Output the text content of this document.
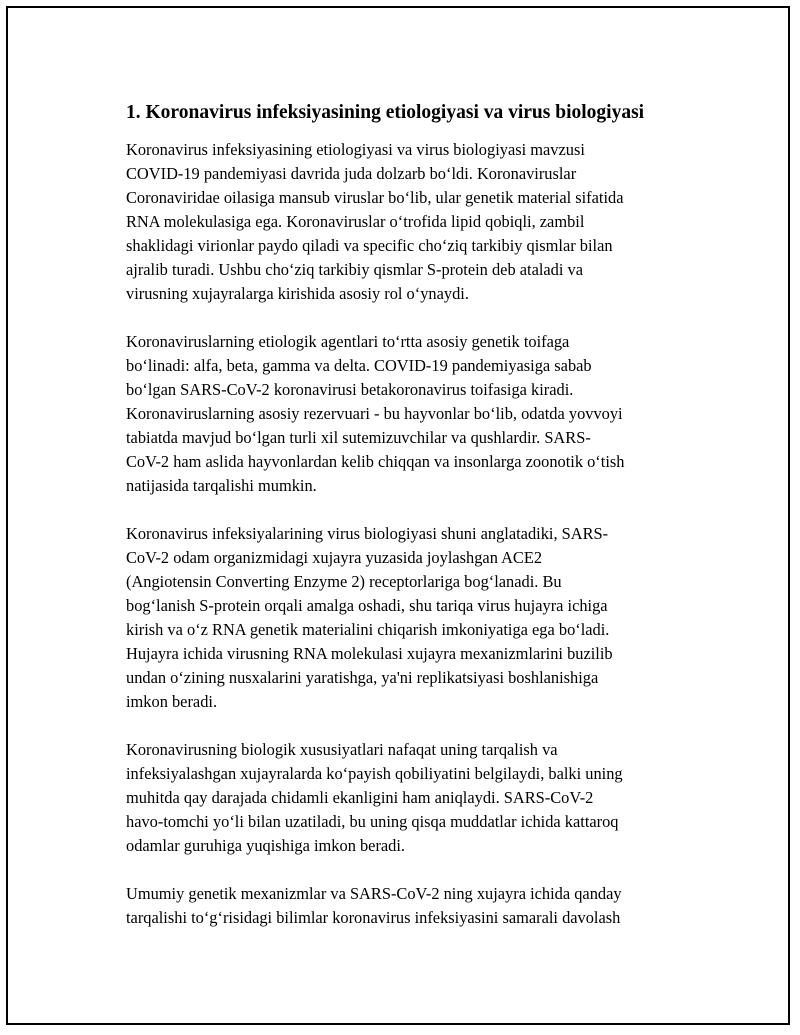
1. Koronavirus infeksiyasining etiologiyasi va virus biologiyasi

Koronavirus infeksiyasining etiologiyasi va virus biologiyasi mavzusi
COVID-19 pandemiyasi davrida juda dolzarb bo‘ldi. Koronaviruslar
Coronaviridae oilasiga mansub viruslar bo‘lib, ular genetik material sifatida
RNA molekulasiga ega. Koronaviruslar o‘trofida lipid qobiqli, zambil
shaklidagi virionlar paydo qiladi va specific cho‘ziq tarkibiy qismlar bilan
ajralib turadi. Ushbu cho‘ziq tarkibiy qismlar S-protein deb ataladi va
virusning xujayralarga kirishida asosiy rol o‘ynaydi.

Koronaviruslarning etiologik agentlari to‘rtta asosiy genetik toifaga
bo‘linadi: alfa, beta, gamma va delta. COVID-19 pandemiyasiga sabab
bo‘lgan SARS-CoV-2 koronavirusi betakoronavirus toifasiga kiradi.
Koronaviruslarning asosiy rezervuari - bu hayvonlar bo‘lib, odatda yovvoyi
tabiatda mavjud bo‘lgan turli xil sutemizuvchilar va qushlardir. SARS-
CoV-2 ham aslida hayvonlardan kelib chiqqan va insonlarga zoonotik o‘tish
natijasida tarqalishi mumkin.

Koronavirus infeksiyalarining virus biologiyasi shuni anglatadiki, SARS-
CoV-2 odam organizmidagi xujayra yuzasida joylashgan ACE2
(Angiotensin Converting Enzyme 2) receptorlariga bog‘lanadi. Bu
bog‘lanish S-protein orqali amalga oshadi, shu tariqa virus hujayra ichiga
kirish va o‘z RNA genetik materialini chiqarish imkoniyatiga ega bo‘ladi.
Hujayra ichida virusning RNA molekulasi xujayra mexanizmlarini buzilib
undan o‘zining nusxalarini yaratishga, ya'ni replikatsiyasi boshlanishiga
imkon beradi.

Koronavirusning biologik xususiyatlari nafaqat uning tarqalish va
infeksiyalashgan xujayralarda ko‘payish qobiliyatini belgilaydi, balki uning
muhitda qay darajada chidamli ekanligini ham aniqlaydi. SARS-CoV-2
havo-tomchi yo‘li bilan uzatiladi, bu uning qisqa muddatlar ichida kattaroq
odamlar guruhiga yuqishiga imkon beradi.

Umumiy genetik mexanizmlar va SARS-CoV-2 ning xujayra ichida qanday
tarqalishi to‘g‘risidagi bilimlar koronavirus infeksiyasini samarali davolash
